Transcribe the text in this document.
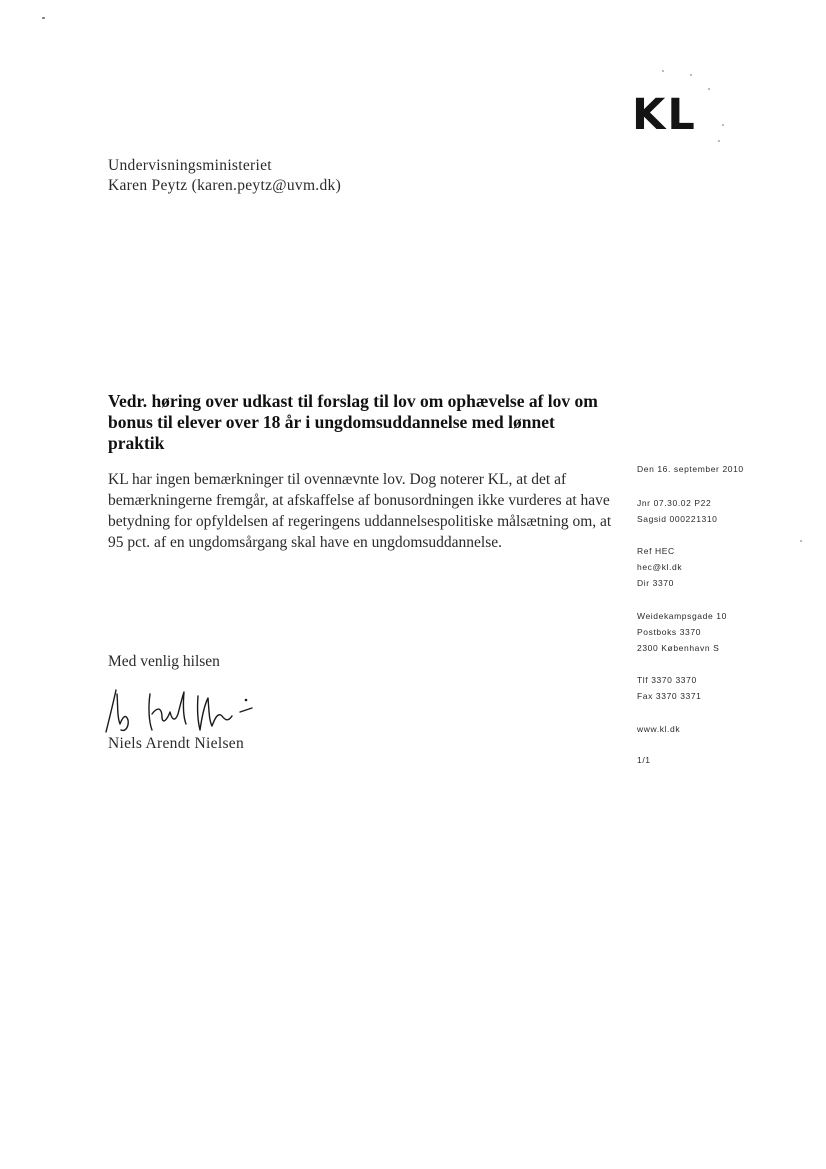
KL
Undervisningsministeriet
Karen Peytz (karen.peytz@uvm.dk)
Vedr. høring over udkast til forslag til lov om ophævelse af lov om bonus til elever over 18 år i ungdomsuddannelse med lønnet praktik
KL har ingen bemærkninger til ovennævnte lov. Dog noterer KL, at det af bemærkningerne fremgår, at afskaffelse af bonusordningen ikke vurderes at have betydning for opfyldelsen af regeringens uddannelsespolitiske målsætning om, at 95 pct. af en ungdomsårgang skal have en ungdomsuddannelse.
Med venlig hilsen
Niels Arendt Nielsen
Den 16. september 2010
Jnr 07.30.02 P22
Sagsid 000221310
Ref HEC
hec@kl.dk
Dir 3370
Weidekampsgade 10
Postboks 3370
2300 København S
Tlf 3370 3370
Fax 3370 3371
www.kl.dk
1/1
